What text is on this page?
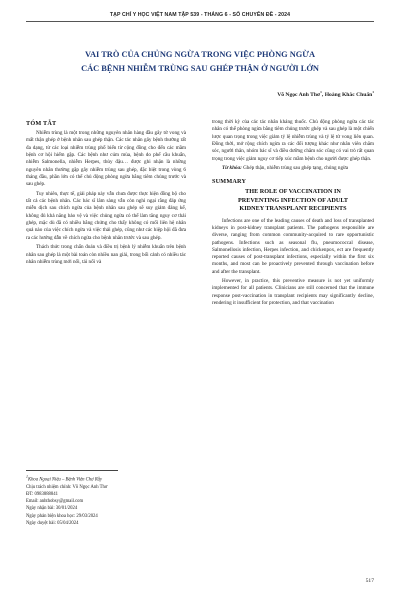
TẠP CHÍ Y HỌC VIỆT NAM TẬP 539 - THÁNG 6 - SỐ CHUYÊN ĐỀ - 2024
VAI TRÒ CỦA CHỦNG NGỪA TRONG VIỆC PHÒNG NGỪA
CÁC BỆNH NHIỄM TRÙNG SAU GHÉP THẬN Ở NGƯỜI LỚN
Võ Ngọc Anh Thơ$^1$, Hoàng Khắc Chuẩn$^1$
TÓM TẮT

Nhiễm trùng là một trong những nguyên nhân hàng đầu gây tử vong và mất thận ghép ở bệnh nhân sau ghép thận. Các tác nhân gây bệnh thường rất đa dạng, từ các loại nhiễm trùng phổ biến từ cộng đồng cho đến các mầm bệnh cơ hội hiếm gặp. Các bệnh như cúm mùa, bệnh do phế cầu khuẩn, nhiễm Salmonella, nhiễm Herpes, thủy đậu… được ghi nhận là những nguyên nhân thường gặp gây nhiễm trùng sau ghép, đặc biệt trong vòng 6 tháng đầu, phần lớn có thể chủ động phòng ngừa bằng tiêm chủng trước và sau ghép.

Tuy nhiên, thực tế, giải pháp này vẫn chưa được thực hiện đồng bộ cho tất cả các bệnh nhân. Các bác sĩ lâm sàng vẫn còn nghi ngại rằng đáp ứng miễn dịch sau chích ngừa của bệnh nhân sau ghép sẽ suy giảm đáng kể, không đủ khả năng bảo vệ và việc chủng ngừa có thể làm tăng nguy cơ thải ghép, mặc dù đã có nhiều bằng chứng cho thấy không có mối liên hệ nhân quả nào của việc chích ngừa và việc thải ghép, cũng như các hiệp hội đã đưa ra các hướng dẫn về chích ngừa cho bệnh nhân trước và sau ghép.

Thách thức trong chẩn đoán và điều trị bệnh lý nhiễm khuẩn trên bệnh nhân sau ghép là một bài toán còn nhiều nan giải, trong bối cảnh có nhiều tác nhân nhiễm trùng mới nổi, tái nổi và

trong thời kỳ của các tác nhân kháng thuốc. Chủ động phòng ngừa các tác nhân có thể phòng ngừa bằng tiêm chủng trước ghép và sau ghép là một chiến lược quan trọng trong việc giảm tỷ lệ nhiễm trùng và tỷ lệ tử vong liên quan. Đồng thời, mở rộng chích ngừa ra các đối tượng khác như nhân viên chăm sóc, người thân, nhóm bác sĩ và điều dưỡng chăm sóc cũng có vai trò rất quan trọng trong việc giảm nguy cơ tiếp xúc mầm bệnh cho người được ghép thận.

Từ khóa: Ghép thận, nhiễm trùng sau ghép tạng, chủng ngừa

SUMMARY
THE ROLE OF VACCINATION IN
PREVENTING INFECTION OF ADULT
KIDNEY TRANSPLANT RECIPIENTS

Infections are one of the leading causes of death and loss of transplanted kidneys in post-kidney transplant patients. The pathogens responsible are diverse, ranging from common community-acquired to rare opportunistic pathogens. Infections such as seasonal flu, pneumococcal disease, Salmonellosis infection, Herpes infection, and chickenpox, ect are frequently reported causes of post-transplant infections, especially within the first six months, and most can be proactively prevented through vaccination before and after the transplant.

However, in practice, this preventive measure is not yet uniformly implemented for all patients. Clinicians are still concerned that the immune response post-vaccination in transplant recipients may significantly decline, rendering it insufficient for protection, and that vaccination

$^1$Khoa Ngoại Niệu – Bệnh Viện Chợ Rẫy
Chịu trách nhiệm chính: Võ Ngọc Anh Thơ
ĐT: 0983888841
Email: anhthobsy@gmail.com
Ngày nhận bài: 30/01/2024
Ngày phản biện khoa học: 29/03/2024
Ngày duyệt bài: 05/04/2024
517
